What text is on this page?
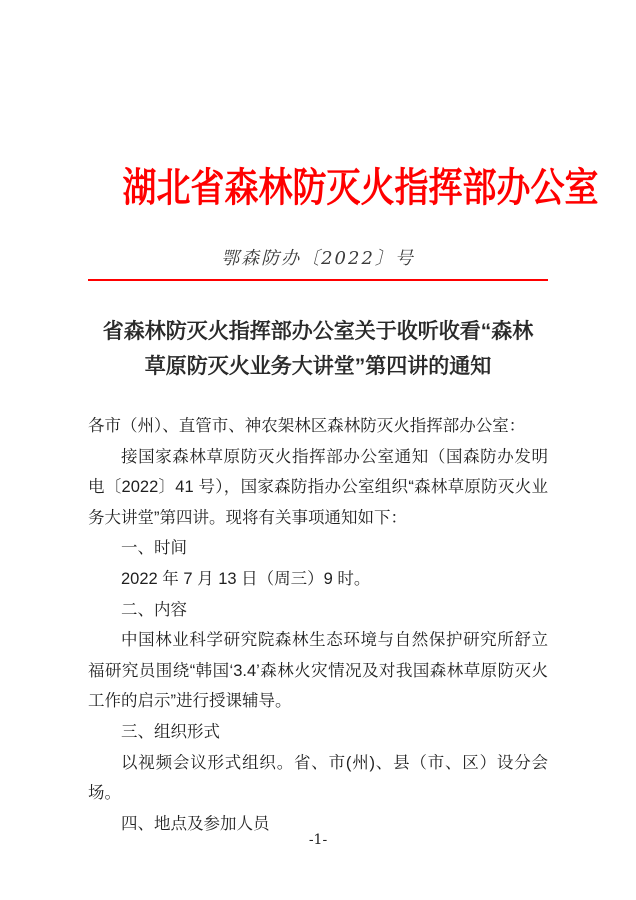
湖北省森林防灭火指挥部办公室
鄂森防办〔2022〕号
省森林防灭火指挥部办公室关于收听收看“森林
草原防灭火业务大讲堂”第四讲的通知

各市（州）、直管市、神农架林区森林防灭火指挥部办公室：

接国家森林草原防灭火指挥部办公室通知（国森防办发明电〔2022〕41 号），国家森防指办公室组织“森林草原防灭火业务大讲堂”第四讲。现将有关事项通知如下：

一、时间

2022 年 7 月 13 日（周三）9 时。

二、内容

中国林业科学研究院森林生态环境与自然保护研究所舒立福研究员围绕“韩国‘3.4’森林火灾情况及对我国森林草原防灭火工作的启示”进行授课辅导。

三、组织形式

以视频会议形式组织。省、市(州)、县（市、区）设分会场。

四、地点及参加人员

-1-
